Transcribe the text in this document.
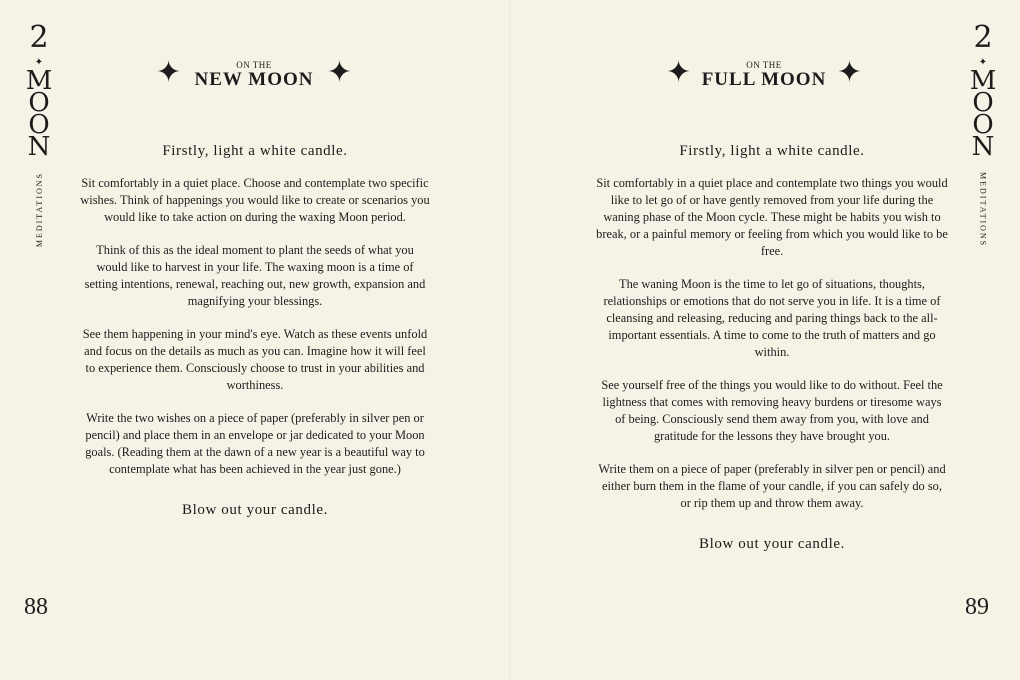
2
✦
M
O
O
N
MEDITATIONS
2
✦
M
O
O
N
MEDITATIONS
✦	✦
ON THE
NEW MOON	✦	✦
ON THE
FULL MOON

Firstly, light a white candle.

Sit comfortably in a quiet place. Choose and contemplate two specific wishes. Think of happenings you would like to create or scenarios you would like to take action on during the waxing Moon period.

Think of this as the ideal moment to plant the seeds of what you would like to harvest in your life. The waxing moon is a time of setting intentions, renewal, reaching out, new growth, expansion and magnifying your blessings.

See them happening in your mind's eye. Watch as these events unfold and focus on the details as much as you can. Imagine how it will feel to experience them. Consciously choose to trust in your abilities and worthiness.

Write the two wishes on a piece of paper (preferably in silver pen or pencil) and place them in an envelope or jar dedicated to your Moon goals. (Reading them at the dawn of a new year is a beautiful way to contemplate what has been achieved in the year just gone.)

Blow out your candle.

Firstly, light a white candle.

Sit comfortably in a quiet place and contemplate two things you would like to let go of or have gently removed from your life during the waning phase of the Moon cycle. These might be habits you wish to break, or a painful memory or feeling from which you would like to be free.

The waning Moon is the time to let go of situations, thoughts, relationships or emotions that do not serve you in life. It is a time of cleansing and releasing, reducing and paring things back to the all-important essentials. A time to come to the truth of matters and go within.

See yourself free of the things you would like to do without. Feel the lightness that comes with removing heavy burdens or tiresome ways of being. Consciously send them away from you, with love and gratitude for the lessons they have brought you.

Write them on a piece of paper (preferably in silver pen or pencil) and either burn them in the flame of your candle, if you can safely do so, or rip them up and throw them away.

Blow out your candle.

88	89
